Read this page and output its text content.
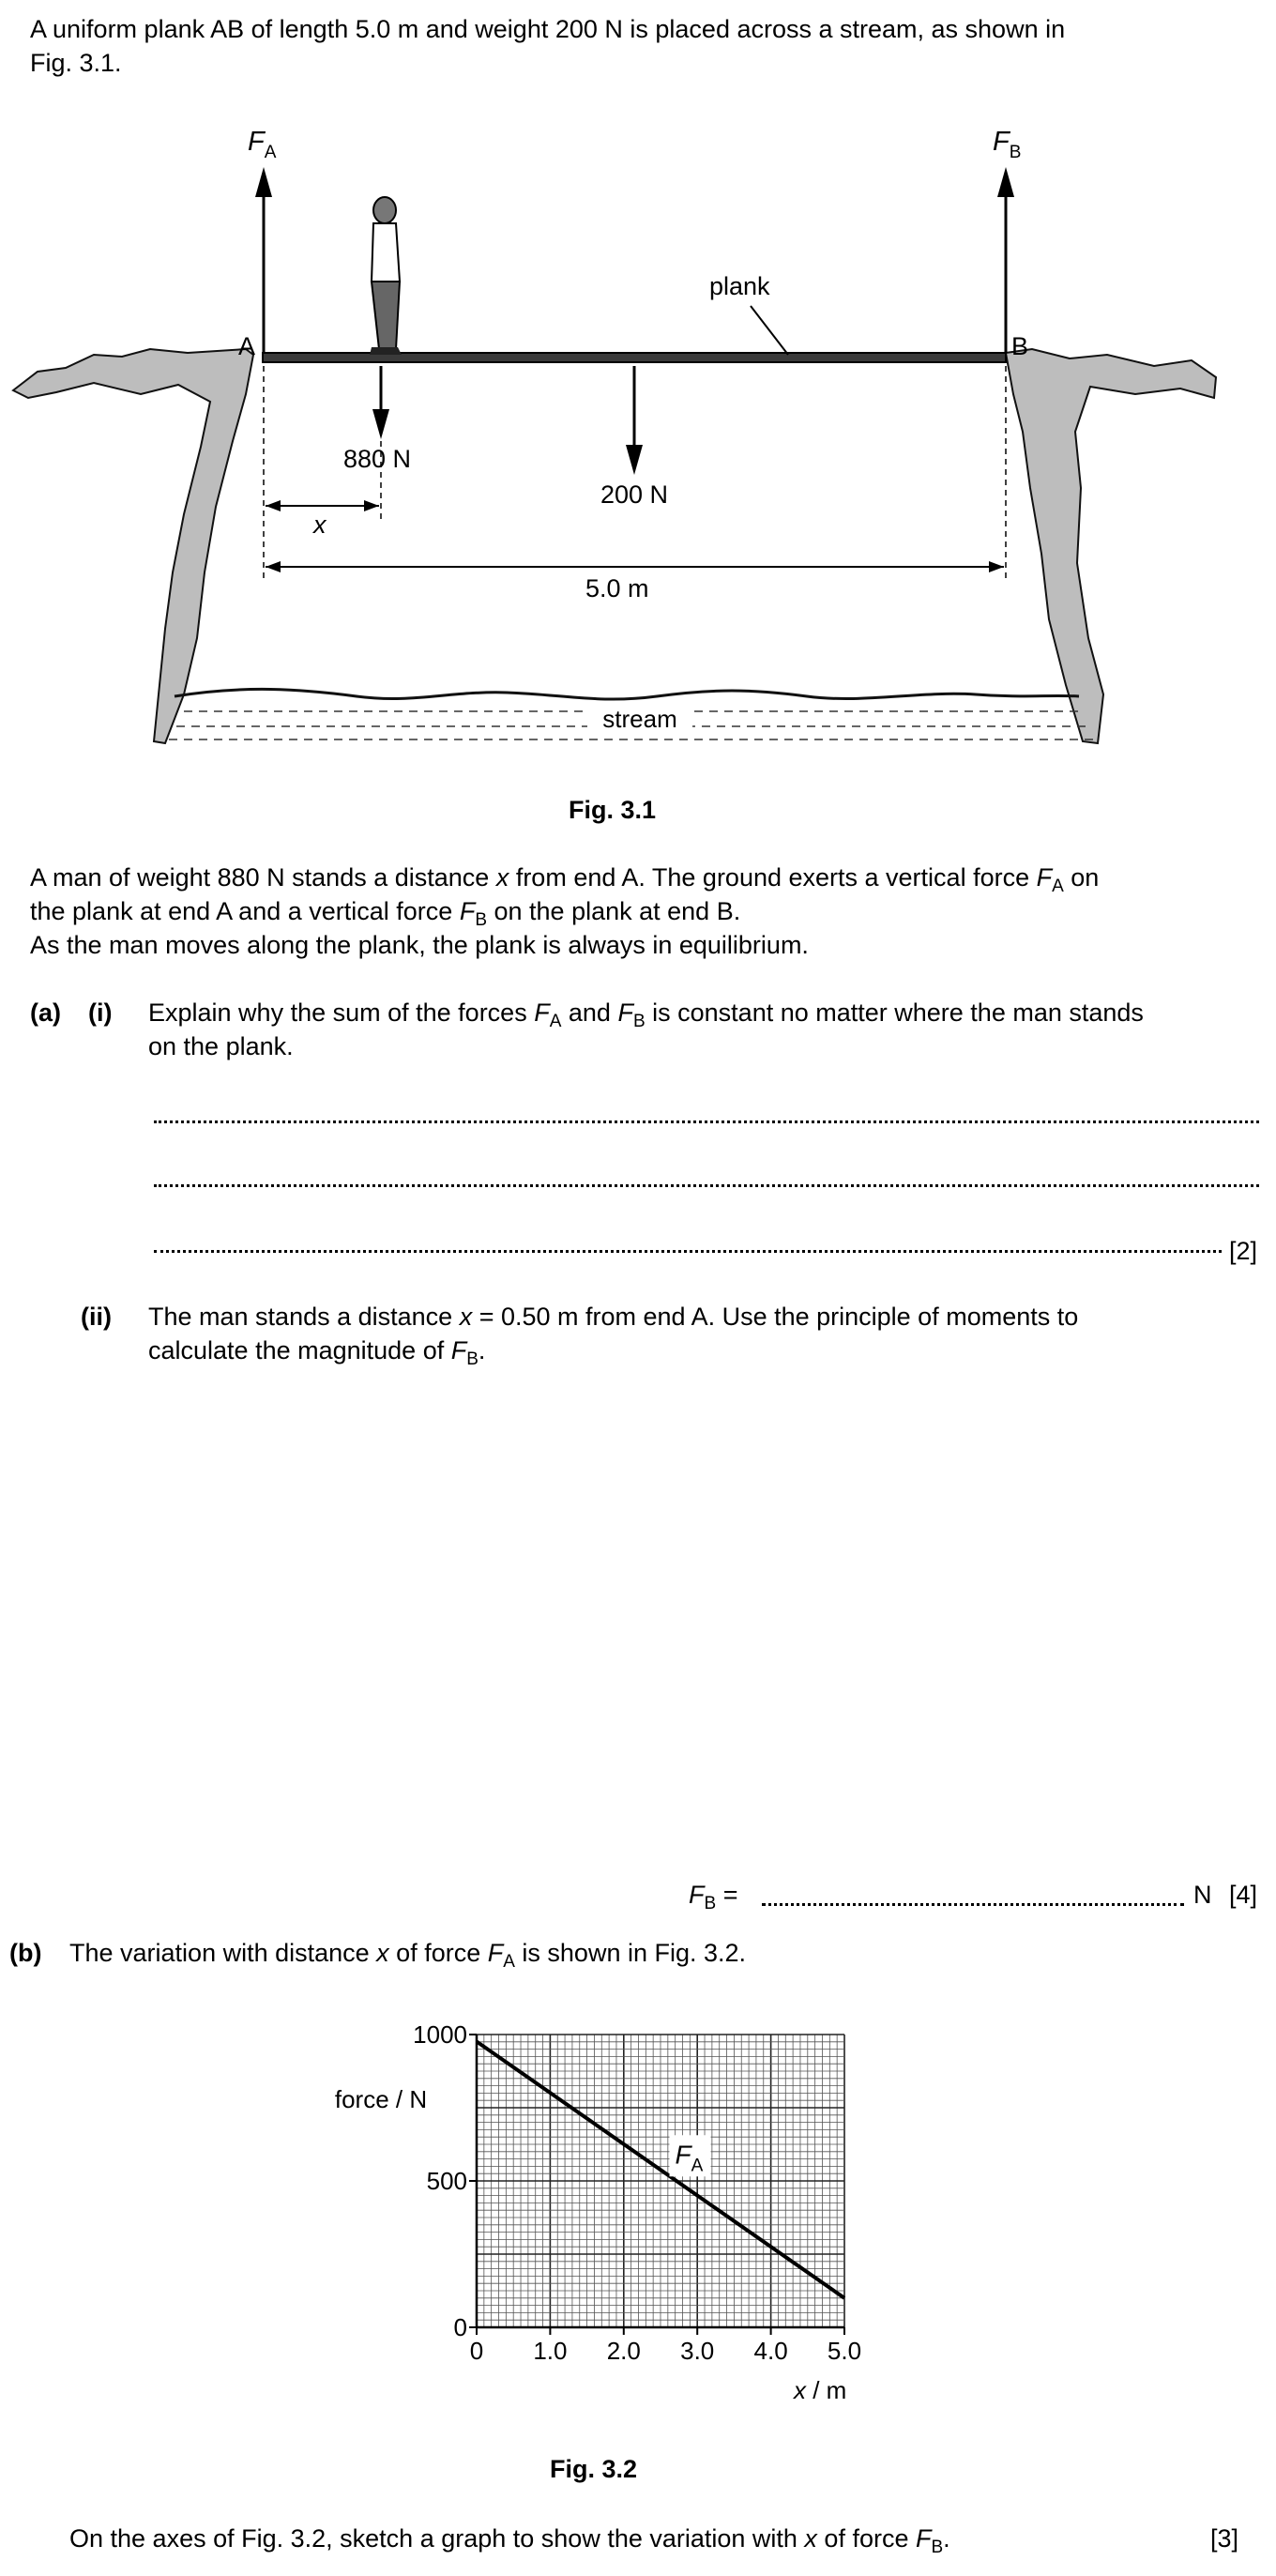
A uniform plank AB of length 5.0 m and weight 200 N is placed across a stream, as shown in
Fig. 3.1.
stream
$F_A$	$F_B$
A	B
plank
880 N
200 N
x
5.0 m
Fig. 3.1
A man of weight 880 N stands a distance x from end A. The ground exerts a vertical force $F_A$ on
the plank at end A and a vertical force $F_B$ on the plank at end B.
As the man moves along the plank, the plank is always in equilibrium.
(a) (i) Explain why the sum of the forces $F_A$ and $F_B$ is constant no matter where the man stands
on the plank.
[2]
(ii) The man stands a distance x = 0.50 m from end A. Use the principle of moments to
calculate the magnitude of $F_B$.
$F_B$ =	N [4]
(b) The variation with distance x of force $F_A$ is shown in Fig. 3.2.
0 1.0 2.0 3.0 4.0 5.0
0
500
1000
force / N
x / m
$F_A$
Fig. 3.2
On the axes of Fig. 3.2, sketch a graph to show the variation with x of force $F_B$.	[3]
